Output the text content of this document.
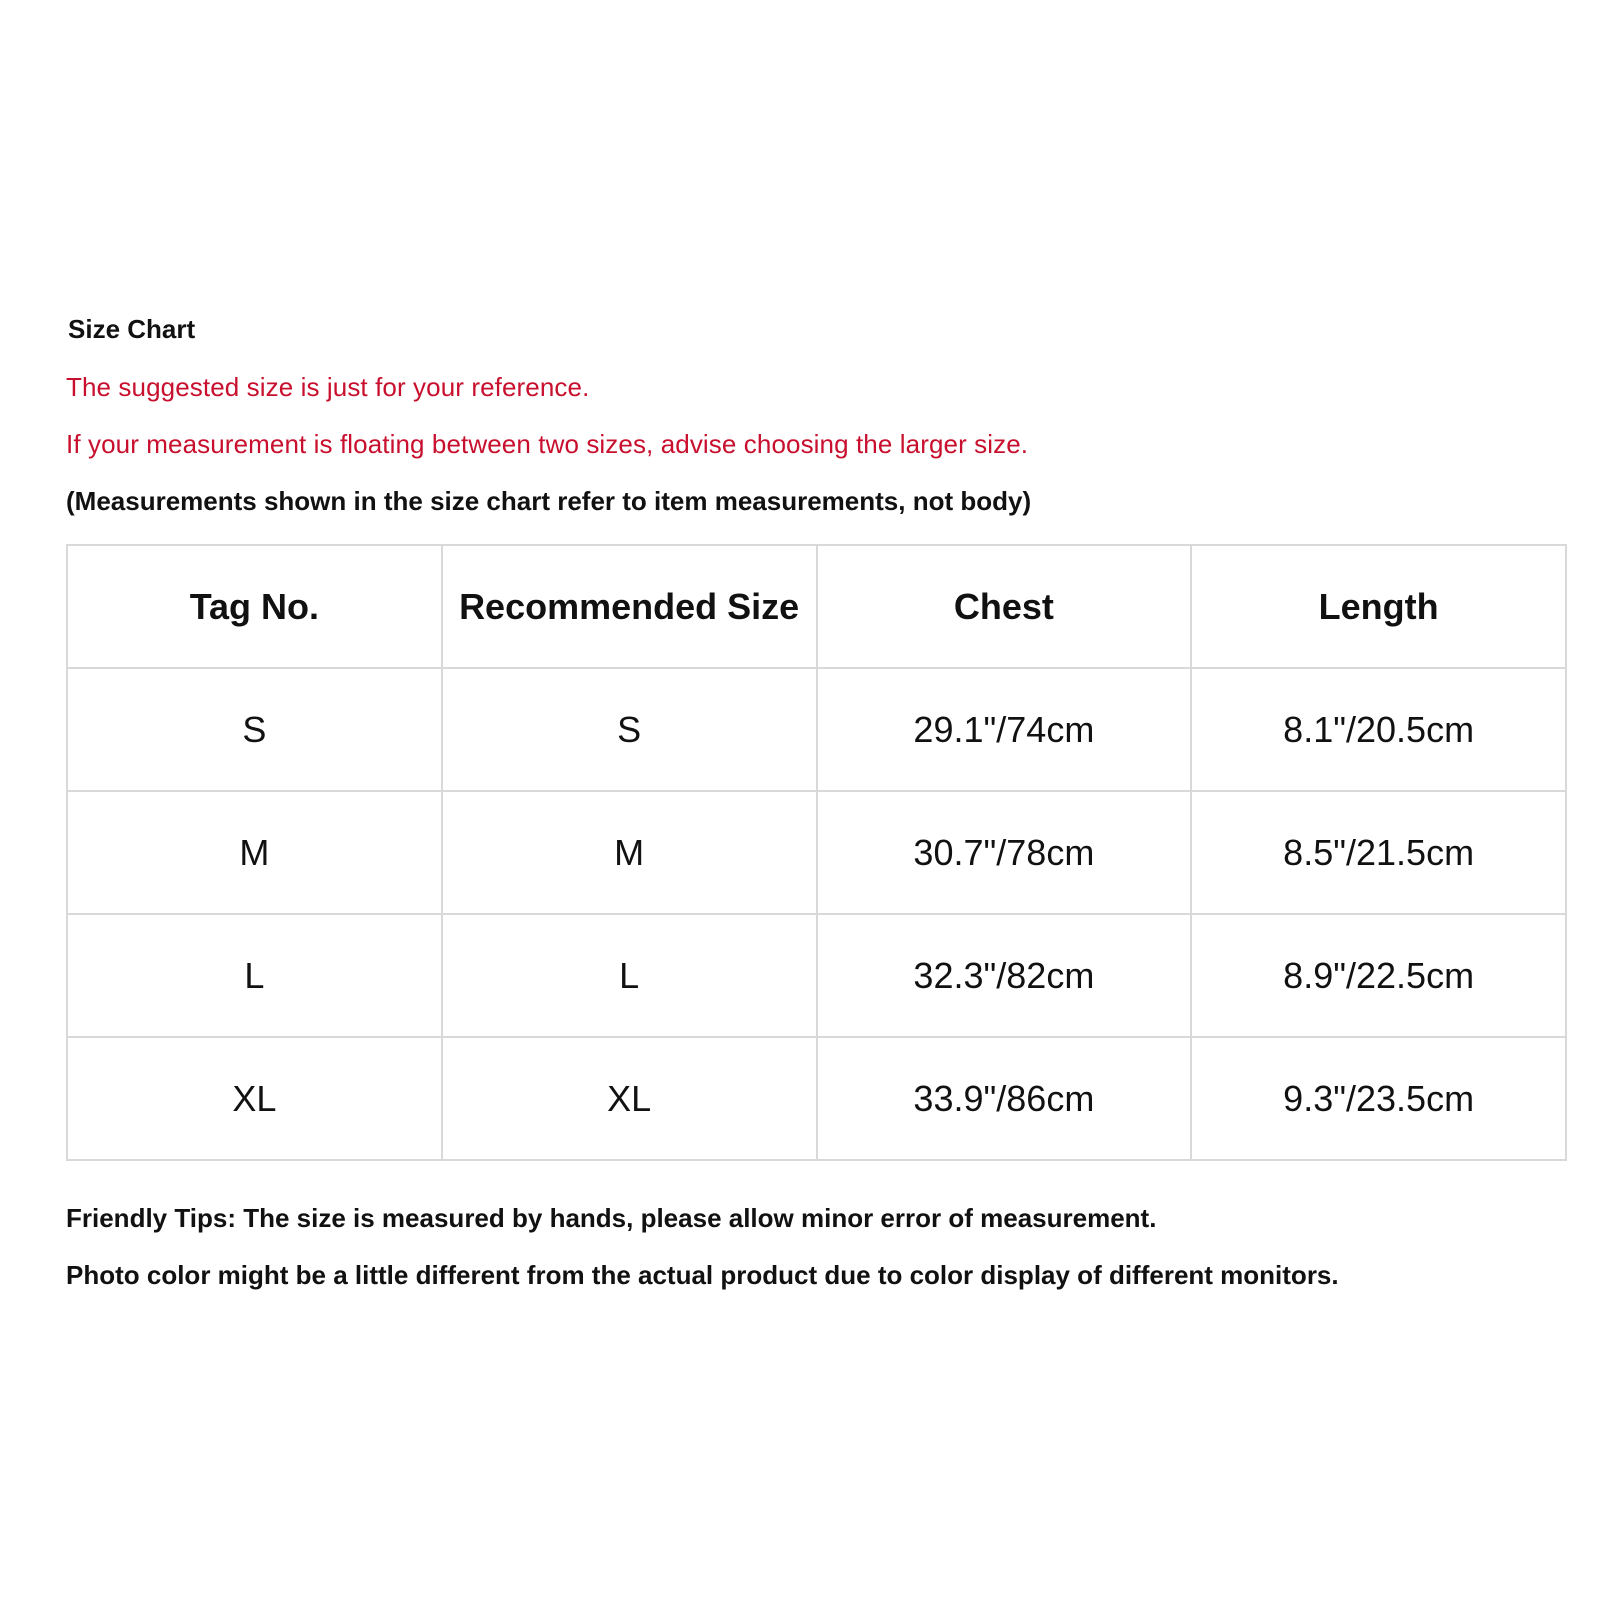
Size Chart
The suggested size is just for your reference.
If your measurement is floating between two sizes, advise choosing the larger size.
(Measurements shown in the size chart refer to item measurements, not body)
Tag No.	Recommended Size	Chest	Length
S	S	29.1"/74cm	8.1"/20.5cm
M	M	30.7"/78cm	8.5"/21.5cm
L	L	32.3"/82cm	8.9"/22.5cm
XL	XL	33.9"/86cm	9.3"/23.5cm
Friendly Tips: The size is measured by hands, please allow minor error of measurement.
Photo color might be a little different from the actual product due to color display of different monitors.
